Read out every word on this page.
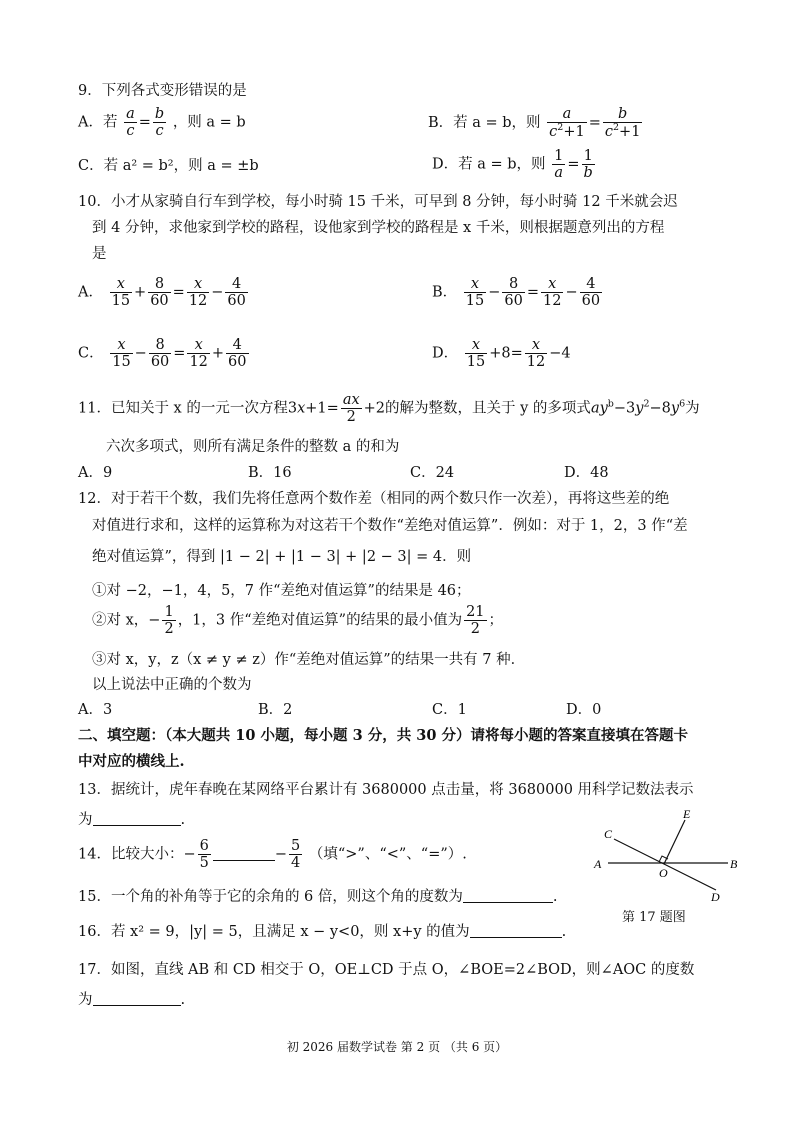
9．下列各式变形错误的是
A．若 $\frac{a}{c} = \frac{b}{c}$ ，则 a = b	B．若 a = b，则 $\frac{a}{c^2+1} = \frac{b}{c^2+1}$
C．若 a² = b²，则 a = ±b	D．若 a = b，则 $\frac{1}{a} = \frac{1}{b}$
10．小才从家骑自行车到学校，每小时骑 15 千米，可早到 8 分钟，每小时骑 12 千米就会迟
到 4 分钟，求他家到学校的路程，设他家到学校的路程是 x 千米，则根据题意列出的方程
是
A． $\frac{x}{15} + \frac{8}{60} = \frac{x}{12} - \frac{4}{60}$	B． $\frac{x}{15} - \frac{8}{60} = \frac{x}{12} - \frac{4}{60}$
C． $\frac{x}{15} - \frac{8}{60} = \frac{x}{12} + \frac{4}{60}$	D． $\frac{x}{15} +8= \frac{x}{12} -4$
11．已知关于 x 的一元一次方程$3x+1= \frac{ax}{2} +2$的解为整数，且关于 y 的多项式$ay^b-3y^2-8y^6$为
六次多项式，则所有满足条件的整数 a 的和为
A．9	B．16	C．24	D．48
12．对于若干个数，我们先将任意两个数作差（相同的两个数只作一次差），再将这些差的绝
对值进行求和，这样的运算称为对这若干个数作“差绝对值运算”．例如：对于 1，2，3 作“差
绝对值运算”，得到 |1 − 2| + |1 − 3| + |2 − 3| = 4．则
①对 −2，−1，4，5，7 作“差绝对值运算”的结果是 46；
②对 x，− $\frac{1}{2}$ ，1，3 作“差绝对值运算”的结果的最小值为 $\frac{21}{2}$ ；
③对 x，y，z（x ≠ y ≠ z）作“差绝对值运算”的结果一共有 7 种．
以上说法中正确的个数为
A．3	B．2	C．1	D．0
二、填空题：（本大题共 10 小题，每小题 3 分，共 30 分）请将每小题的答案直接填在答题卡
中对应的横线上.
13．据统计，虎年春晚在某网络平台累计有 3680000 点击量，将 3680000 用科学记数法表示
为	.
14．比较大小：− $\frac{6}{5}$	− $\frac{5}{4}$ （填“>”、“<”、“=”）.
15．一个角的补角等于它的余角的 6 倍，则这个角的度数为	.
16．若 x² = 9，|y| = 5，且满足 x − y<0，则 x+y 的值为	.
17．如图，直线 AB 和 CD 相交于 O，OE⊥CD 于点 O，∠BOE=2∠BOD，则∠AOC 的度数
为	.
C
E
A	B
O
D
第 17 题图
初 2026 届数学试卷 第 2 页 （共 6 页）
